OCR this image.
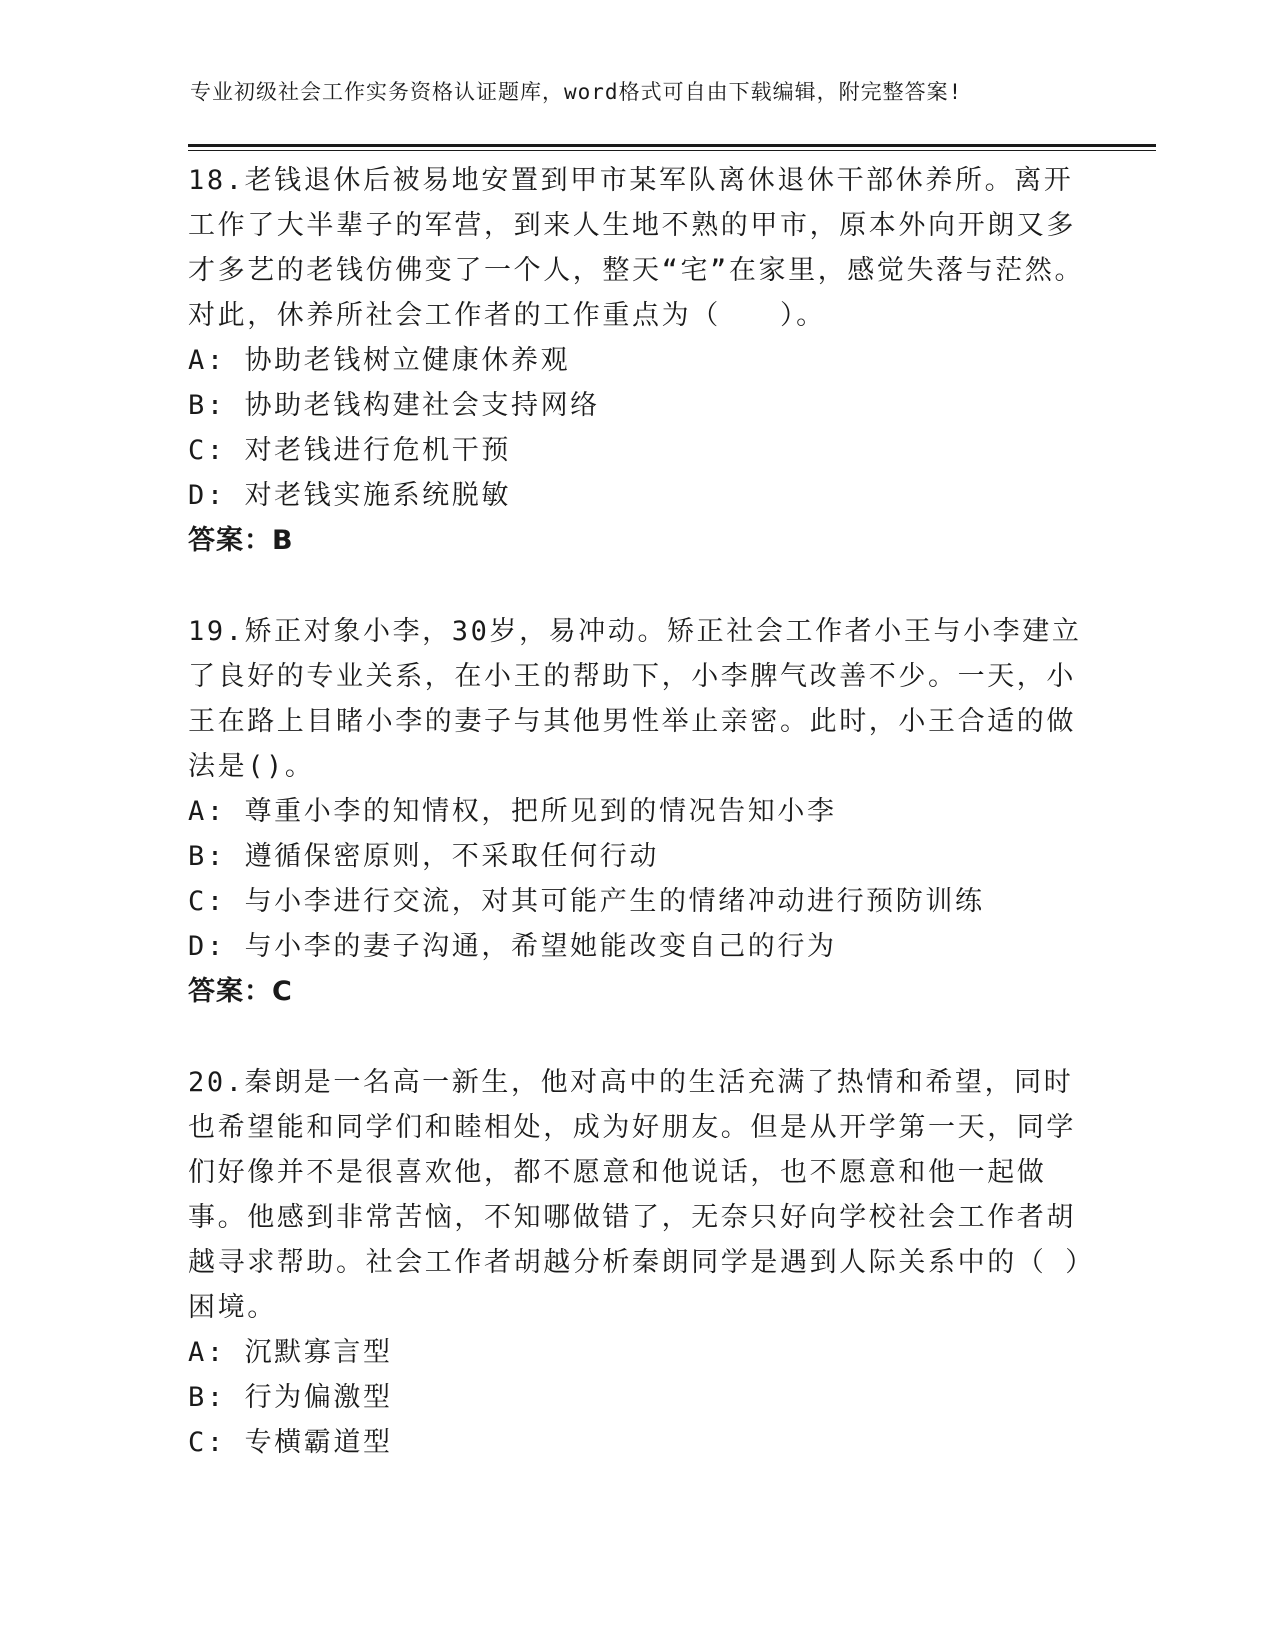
专业初级社会工作实务资格认证题库，word格式可自由下载编辑，附完整答案!
18.老钱退休后被易地安置到甲市某军队离休退休干部休养所。离开工作了大半辈子的军营，到来人生地不熟的甲市，原本外向开朗又多才多艺的老钱仿佛变了一个人，整天“宅”在家里，感觉失落与茫然。对此，休养所社会工作者的工作重点为（　　）。
A: 协助老钱树立健康休养观
B: 协助老钱构建社会支持网络
C: 对老钱进行危机干预
D: 对老钱实施系统脱敏
答案：B
19.矫正对象小李，30岁，易冲动。矫正社会工作者小王与小李建立了良好的专业关系，在小王的帮助下，小李脾气改善不少。一天，小王在路上目睹小李的妻子与其他男性举止亲密。此时，小王合适的做法是()。
A: 尊重小李的知情权，把所见到的情况告知小李
B: 遵循保密原则，不采取任何行动
C: 与小李进行交流，对其可能产生的情绪冲动进行预防训练
D: 与小李的妻子沟通，希望她能改变自己的行为
答案：C
20.秦朗是一名高一新生，他对高中的生活充满了热情和希望，同时也希望能和同学们和睦相处，成为好朋友。但是从开学第一天，同学们好像并不是很喜欢他，都不愿意和他说话，也不愿意和他一起做事。他感到非常苦恼，不知哪做错了，无奈只好向学校社会工作者胡越寻求帮助。社会工作者胡越分析秦朗同学是遇到人际关系中的（ ）困境。
A: 沉默寡言型
B: 行为偏激型
C: 专横霸道型
